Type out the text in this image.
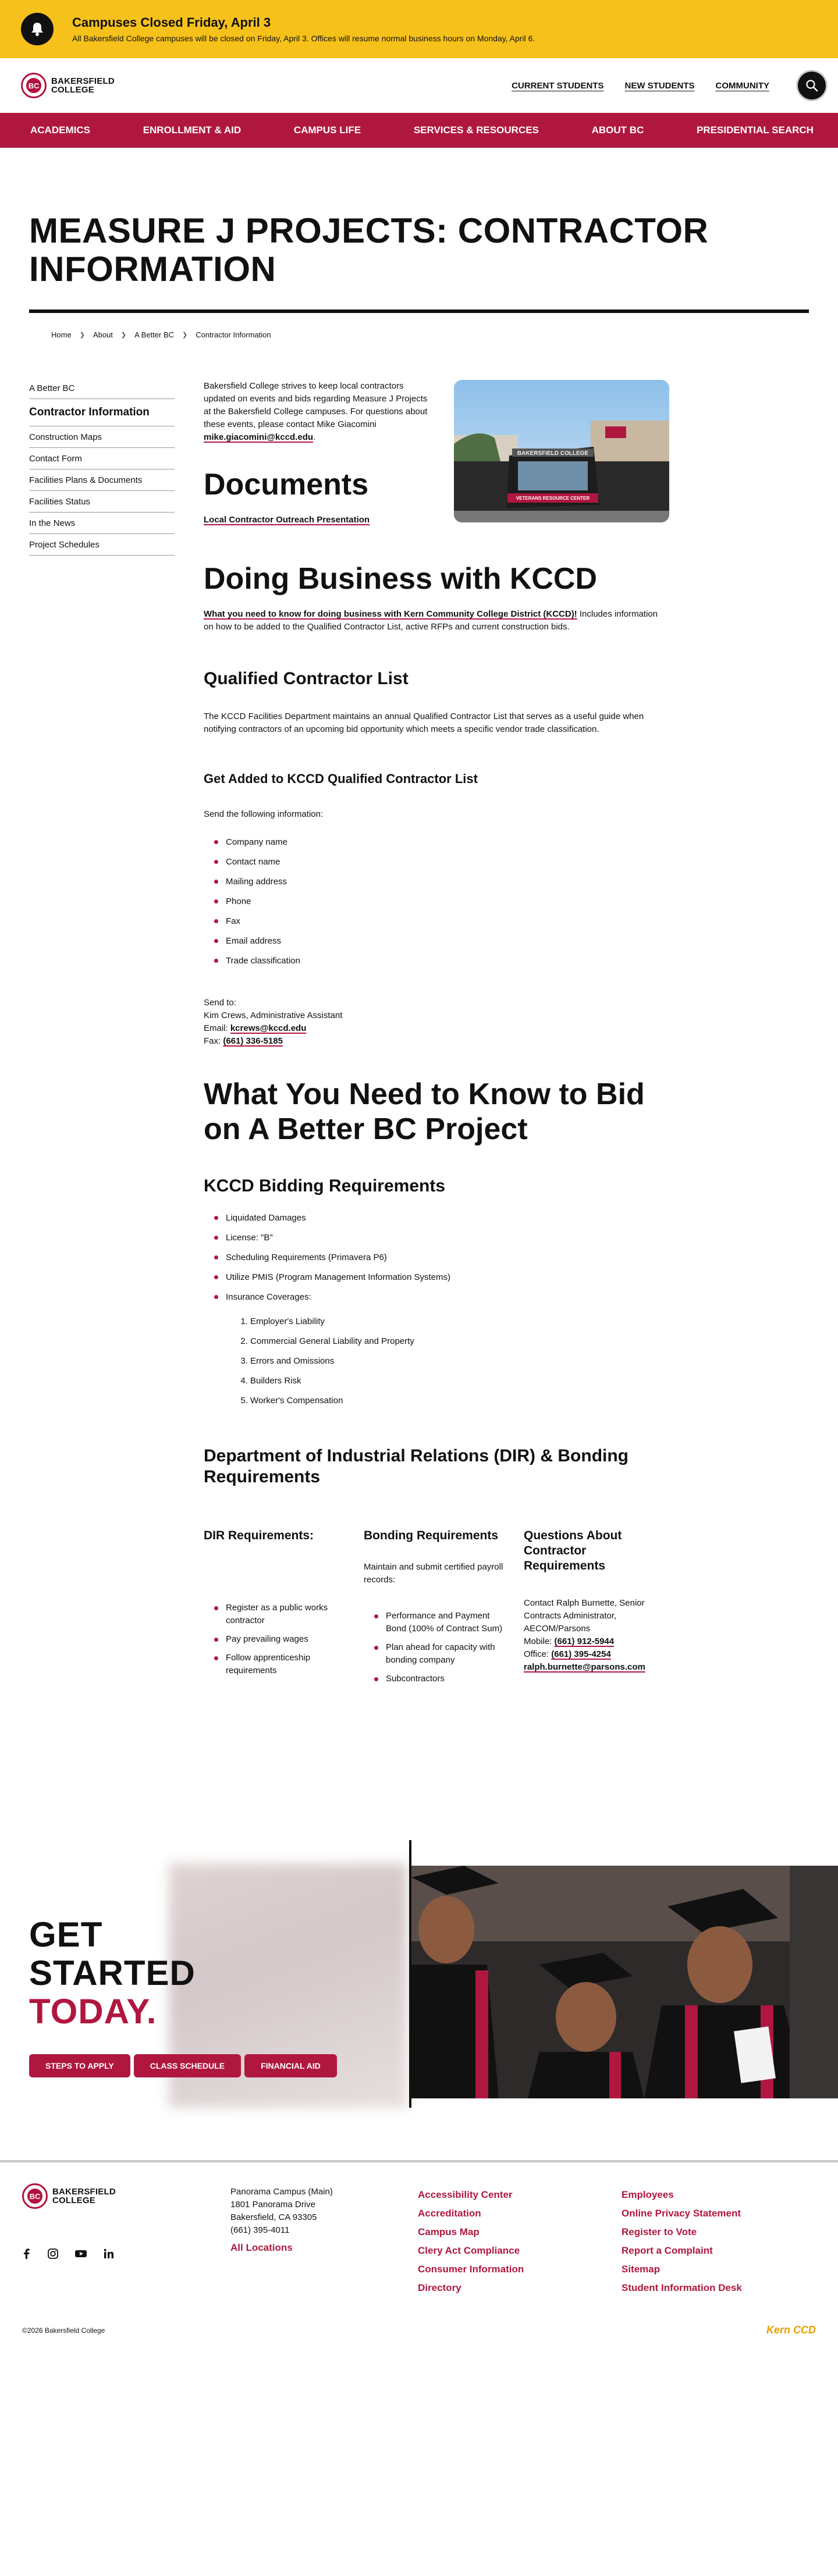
Campuses Closed Friday, April 3
All Bakersfield College campuses will be closed on Friday, April 3. Offices will resume normal business hours on Monday, April 6.
BC BAKERSFIELD
COLLEGE	CURRENT STUDENTS NEW STUDENTS COMMUNITY
ACADEMICS	ENROLLMENT & AID	CAMPUS LIFE	SERVICES & RESOURCES	ABOUT BC	PRESIDENTIAL SEARCH
MEASURE J PROJECTS: CONTRACTOR INFORMATION
Home ❯ About ❯ A Better BC ❯ Contractor Information
A Better BC
Contractor Information
Construction Maps
Contact Form
Facilities Plans & Documents
Facilities Status
In the News
Project Schedules

Bakersfield College strives to keep local contractors updated on events and bids regarding Measure J Projects at the Bakersfield College campuses. For questions about these events, please contact Mike Giacomini mike.giacomini@kccd.edu.

Documents
Local Contractor Outreach Presentation
BAKERSFIELD COLLEGE
VETERANS RESOURCE CENTER
Doing Business with KCCD

What you need to know for doing business with Kern Community College District (KCCD)! Includes information on how to be added to the Qualified Contractor List, active RFPs and current construction bids.

Qualified Contractor List

The KCCD Facilities Department maintains an annual Qualified Contractor List that serves as a useful guide when notifying contractors of an upcoming bid opportunity which meets a specific vendor trade classification.

Get Added to KCCD Qualified Contractor List

Send the following information:

Company name
Contact name
Mailing address
Phone
Fax
Email address
Trade classification
Send to:
Kim Crews, Administrative Assistant
Email: kcrews@kccd.edu
Fax: (661) 336-5185
What You Need to Know to Bid on A Better BC Project
KCCD Bidding Requirements
Liquidated Damages
License: "B"
Scheduling Requirements (Primavera P6)
Utilize PMIS (Program Management Information Systems)
Insurance Coverages:
1. Employer's Liability
2. Commercial General Liability and Property
3. Errors and Omissions
4. Builders Risk
5. Worker's Compensation
Department of Industrial Relations (DIR) & Bonding Requirements
DIR Requirements:
Register as a public works contractor
Pay prevailing wages
Follow apprenticeship requirements
Bonding Requirements

Maintain and submit certified payroll records:

Performance and Payment Bond (100% of Contract Sum)
Plan ahead for capacity with bonding company
Subcontractors
Questions About Contractor Requirements

Contact Ralph Burnette, Senior Contracts Administrator, AECOM/Parsons

Mobile: (661) 912-5944
Office: (661) 395-4254
ralph.burnette@parsons.com
GET
STARTED
TODAY.
STEPS TO APPLY	CLASS SCHEDULE	FINANCIAL AID
BC BAKERSFIELD
COLLEGE
Panorama Campus (Main)
1801 Panorama Drive
Bakersfield, CA 93305
(661) 395-4011
All Locations
Accessibility Center
Accreditation
Campus Map
Clery Act Compliance
Consumer Information
Directory
Employees
Online Privacy Statement
Register to Vote
Report a Complaint
Sitemap
Student Information Desk
©2026 Bakersfield College	Kern CCD
